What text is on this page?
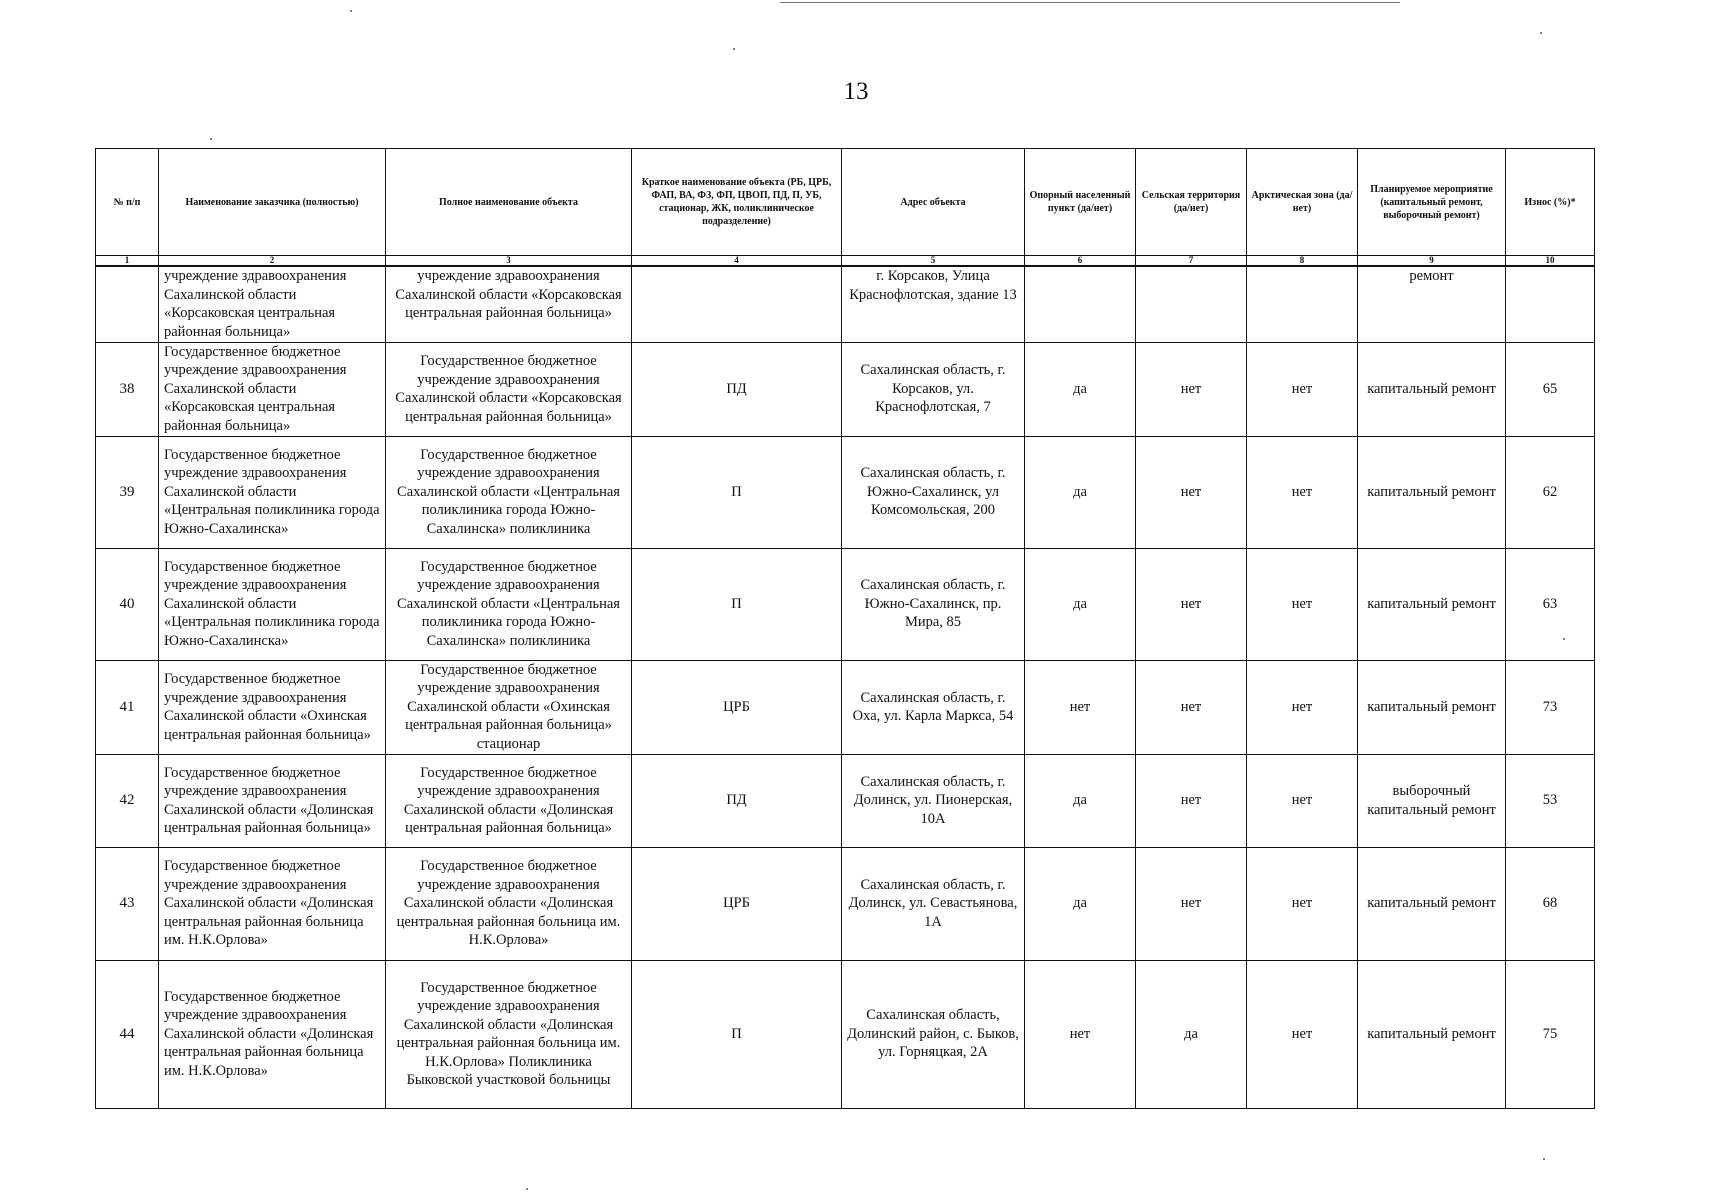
13
№ п/п	Наименование заказчика (полностью)	Полное наименование объекта	Краткое наименование объекта (РБ, ЦРБ, ФАП, ВА, ФЗ, ФП, ЦВОП, ПД, П, УБ, стационар, ЖК, поликлиническое подразделение)	Адрес объекта	Опорный населенный пункт (да/нет)	Сельская территория (да/нет)	Арктическая зона (да/нет)	Планируемое мероприятие (капитальный ремонт, выборочный ремонт)	Износ (%)*
1	2	3	4	5	6	7	8	9	10
	учреждение здравоохранения Сахалинской области «Корсаковская центральная районная больница»	учреждение здравоохранения Сахалинской области «Корсаковская центральная районная больница»		г. Корсаков, Улица Краснофлотская, здание 13				ремонт	
38	Государственное бюджетное учреждение здравоохранения Сахалинской области «Корсаковская центральная районная больница»	Государственное бюджетное учреждение здравоохранения Сахалинской области «Корсаковская центральная районная больница»	ПД	Сахалинская область, г. Корсаков, ул. Краснофлотская, 7	да	нет	нет	капитальный ремонт	65
39	Государственное бюджетное учреждение здравоохранения Сахалинской области «Центральная поликлиника города Южно-Сахалинска»	Государственное бюджетное учреждение здравоохранения Сахалинской области «Центральная поликлиника города Южно-Сахалинска» поликлиника	П	Сахалинская область, г. Южно-Сахалинск, ул Комсомольская, 200	да	нет	нет	капитальный ремонт	62
40	Государственное бюджетное учреждение здравоохранения Сахалинской области «Центральная поликлиника города Южно-Сахалинска»	Государственное бюджетное учреждение здравоохранения Сахалинской области «Центральная поликлиника города Южно-Сахалинска» поликлиника	П	Сахалинская область, г. Южно-Сахалинск, пр. Мира, 85	да	нет	нет	капитальный ремонт	63
41	Государственное бюджетное учреждение здравоохранения Сахалинской области «Охинская центральная районная больница»	Государственное бюджетное учреждение здравоохранения Сахалинской области «Охинская центральная районная больница» стационар	ЦРБ	Сахалинская область, г. Оха, ул. Карла Маркса, 54	нет	нет	нет	капитальный ремонт	73
42	Государственное бюджетное учреждение здравоохранения Сахалинской области «Долинская центральная районная больница»	Государственное бюджетное учреждение здравоохранения Сахалинской области «Долинская центральная районная больница»	ПД	Сахалинская область, г. Долинск, ул. Пионерская, 10А	да	нет	нет	выборочный капитальный ремонт	53
43	Государственное бюджетное учреждение здравоохранения Сахалинской области «Долинская центральная районная больница им. Н.К.Орлова»	Государственное бюджетное учреждение здравоохранения Сахалинской области «Долинская центральная районная больница им. Н.К.Орлова»	ЦРБ	Сахалинская область, г. Долинск, ул. Севастьянова, 1А	да	нет	нет	капитальный ремонт	68
44	Государственное бюджетное учреждение здравоохранения Сахалинской области «Долинская центральная районная больница им. Н.К.Орлова»	Государственное бюджетное учреждение здравоохранения Сахалинской области «Долинская центральная районная больница им. Н.К.Орлова» Поликлиника Быковской участковой больницы	П	Сахалинская область, Долинский район, с. Быков, ул. Горняцкая, 2А	нет	да	нет	капитальный ремонт	75
